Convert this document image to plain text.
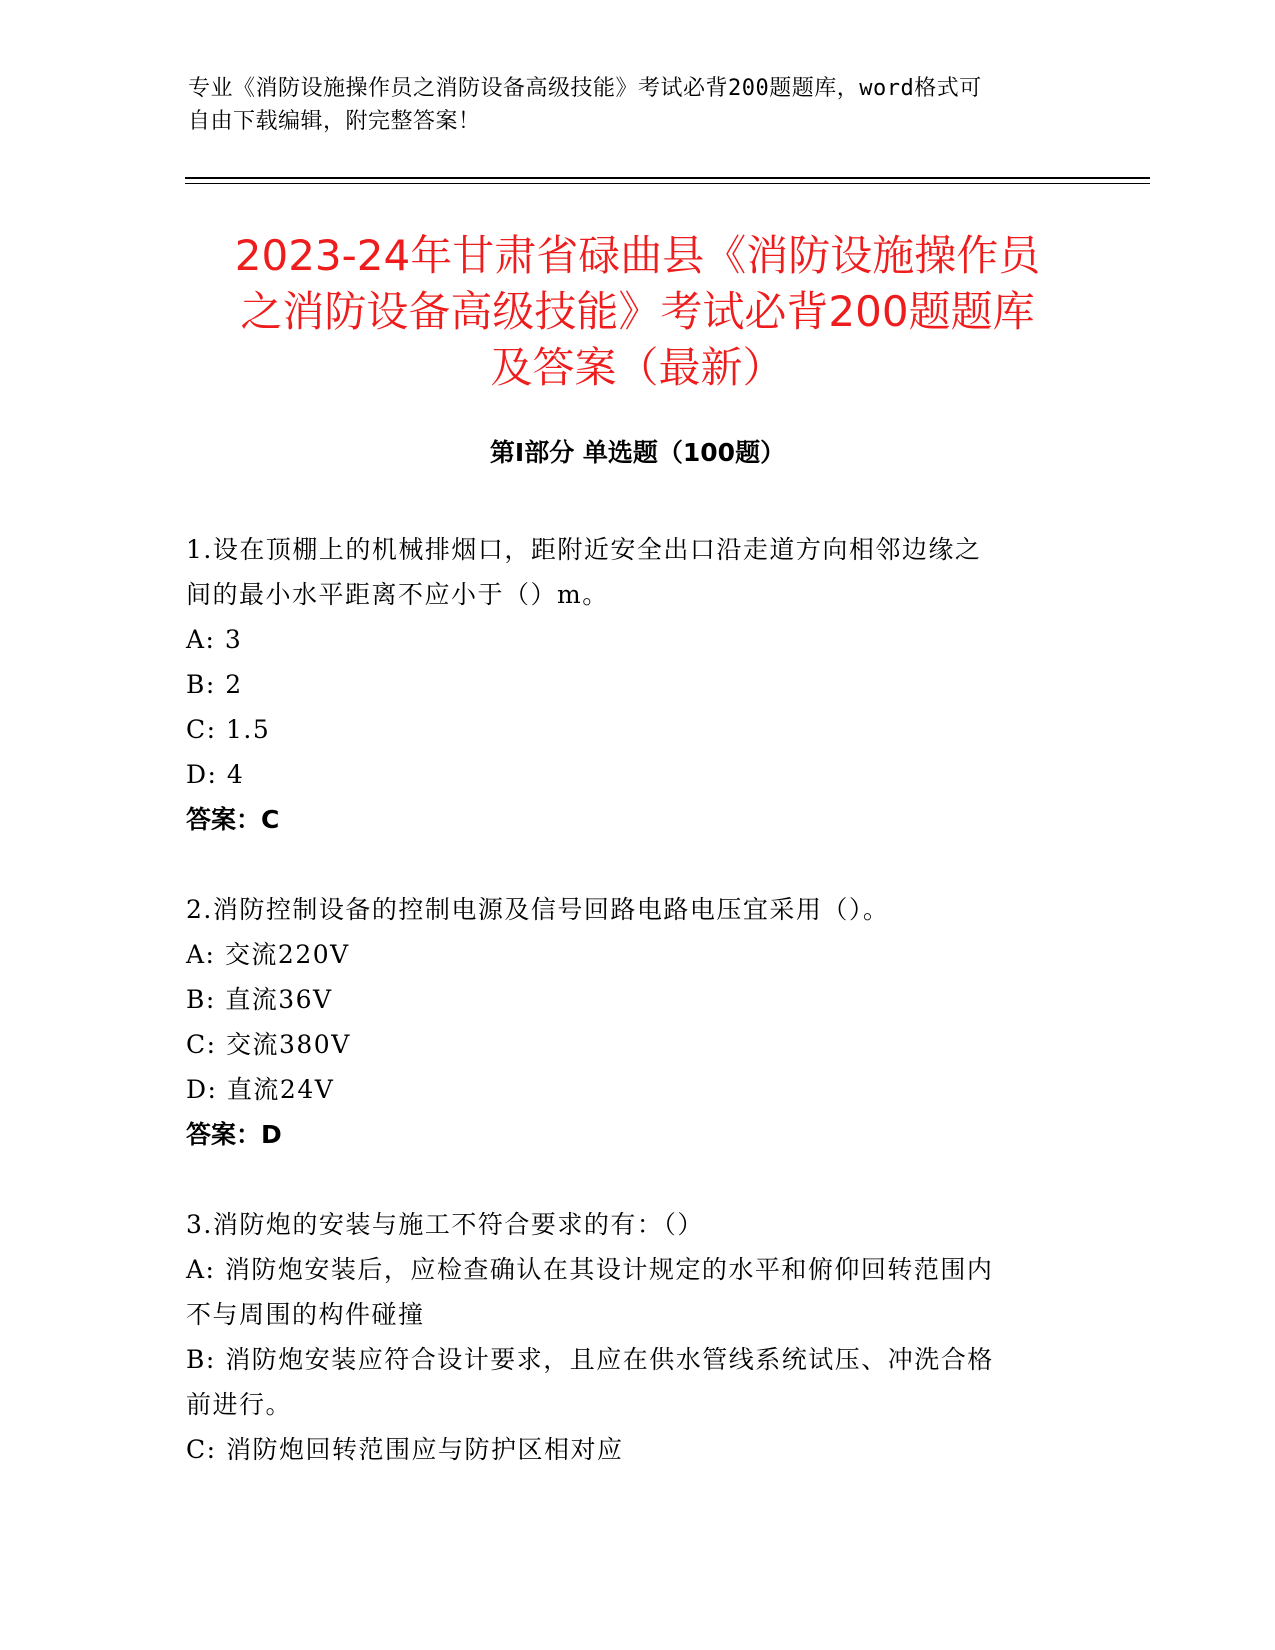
专业《消防设施操作员之消防设备高级技能》考试必背200题题库，word格式可
自由下载编辑，附完整答案！
2023-24年甘肃省碌曲县《消防设施操作员
之消防设备高级技能》考试必背200题题库
及答案（最新）
第I部分 单选题（100题）
1.设在顶棚上的机械排烟口，距附近安全出口沿走道方向相邻边缘之
间的最小水平距离不应小于（）m。
A: 3
B: 2
C: 1.5
D: 4
答案：C
2.消防控制设备的控制电源及信号回路电路电压宜采用（）。
A: 交流220V
B: 直流36V
C: 交流380V
D: 直流24V
答案：D
3.消防炮的安装与施工不符合要求的有：（）
A: 消防炮安装后，应检查确认在其设计规定的水平和俯仰回转范围内
不与周围的构件碰撞
B: 消防炮安装应符合设计要求，且应在供水管线系统试压、冲洗合格
前进行。
C: 消防炮回转范围应与防护区相对应
